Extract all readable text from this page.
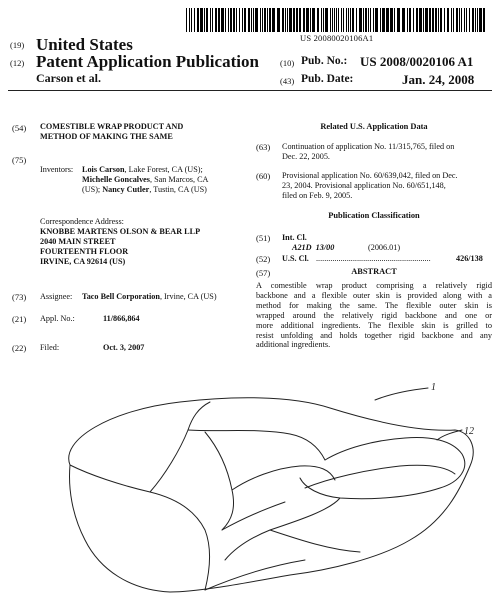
US 20080020106A1
(19) United States
(12) Patent Application Publication
Carson et al.
(10) Pub. No.: US 2008/0020106 A1
(43) Pub. Date:	Jan. 24, 2008
(54) COMESTIBLE WRAP PRODUCT AND
METHOD OF MAKING THE SAME
(75)
Inventors: Lois Carson, Lake Forest, CA (US);
Michelle Goncalves, San Marcos, CA
(US); Nancy Cutler, Tustin, CA (US)
Correspondence Address:
KNOBBE MARTENS OLSON & BEAR LLP
2040 MAIN STREET
FOURTEENTH FLOOR
IRVINE, CA 92614 (US)
(73) Assignee: Taco Bell Corporation, Irvine, CA (US)
(21) Appl. No.:	11/866,864
(22) Filed:	Oct. 3, 2007
Related U.S. Application Data
(63) Continuation of application No. 11/315,765, filed on
Dec. 22, 2005.
(60) Provisional application No. 60/639,042, filed on Dec.
23, 2004. Provisional application No. 60/651,148,
filed on Feb. 9, 2005.
Publication Classification
(51) Int. Cl.
A21D  13/00	(2006.01)
(52) U.S. Cl. ........................................................	426/138
(57)	ABSTRACT
A comestible wrap product comprising a relatively rigid
backbone and a flexible outer skin is provided along with a
method for making the same. The flexible outer skin is
wrapped around the relatively rigid backbone and one or
more additional ingredients. The flexible skin is grilled to
resist unfolding and holds together rigid backbone and any
additional ingredients.
1
12
